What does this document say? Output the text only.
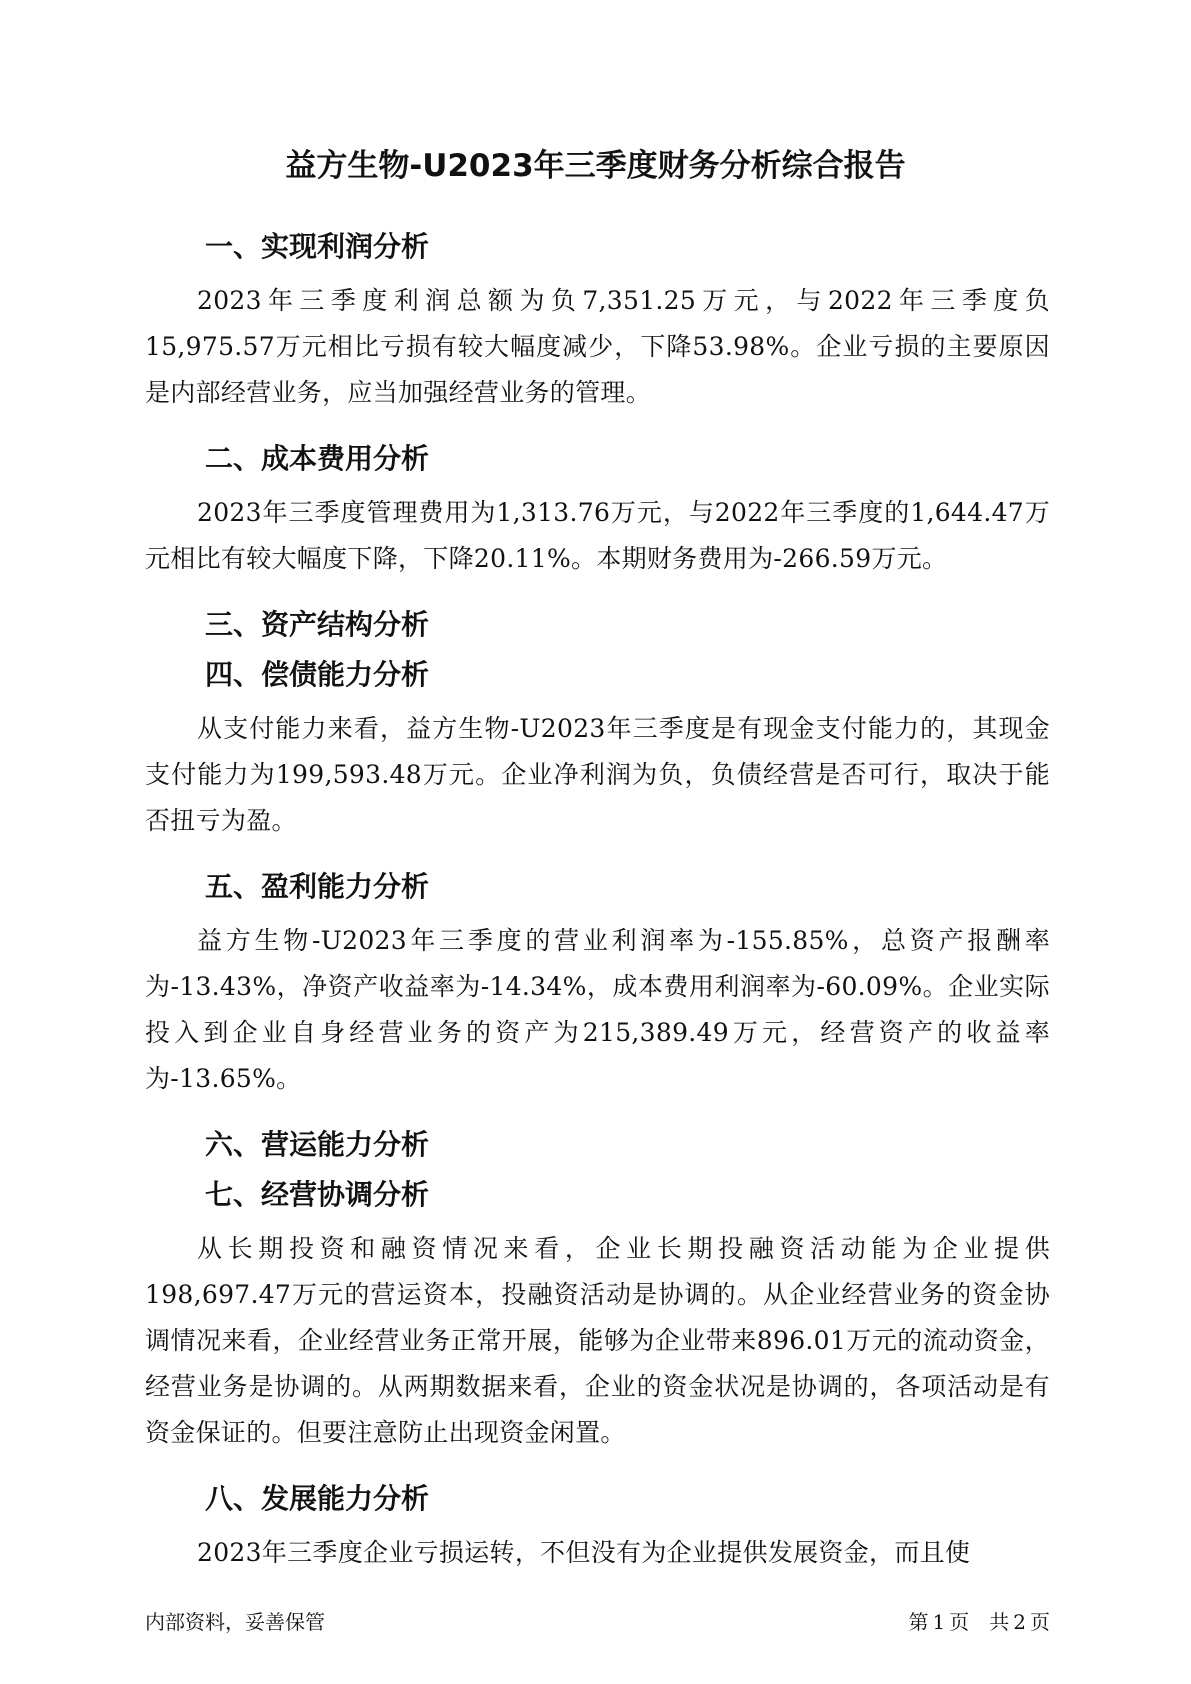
益方生物-U2023年三季度财务分析综合报告
一、实现利润分析

2023年三季度利润总额为负7,351.25万元，与2022年三季度负15,975.57万元相比亏损有较大幅度减少，下降53.98%。企业亏损的主要原因是内部经营业务，应当加强经营业务的管理。

二、成本费用分析

2023年三季度管理费用为1,313.76万元，与2022年三季度的1,644.47万元相比有较大幅度下降，下降20.11%。本期财务费用为-266.59万元。

三、资产结构分析
四、偿债能力分析

从支付能力来看，益方生物-U2023年三季度是有现金支付能力的，其现金支付能力为199,593.48万元。企业净利润为负，负债经营是否可行，取决于能否扭亏为盈。

五、盈利能力分析

益方生物-U2023年三季度的营业利润率为-155.85%，总资产报酬率为-13.43%，净资产收益率为-14.34%，成本费用利润率为-60.09%。企业实际投入到企业自身经营业务的资产为215,389.49万元，经营资产的收益率为-13.65%。

六、营运能力分析
七、经营协调分析

从长期投资和融资情况来看，企业长期投融资活动能为企业提供198,697.47万元的营运资本，投融资活动是协调的。从企业经营业务的资金协调情况来看，企业经营业务正常开展，能够为企业带来896.01万元的流动资金，经营业务是协调的。从两期数据来看，企业的资金状况是协调的，各项活动是有资金保证的。但要注意防止出现资金闲置。

八、发展能力分析

2023年三季度企业亏损运转，不但没有为企业提供发展资金，而且使

内部资料，妥善保管	第 1 页　共 2 页
